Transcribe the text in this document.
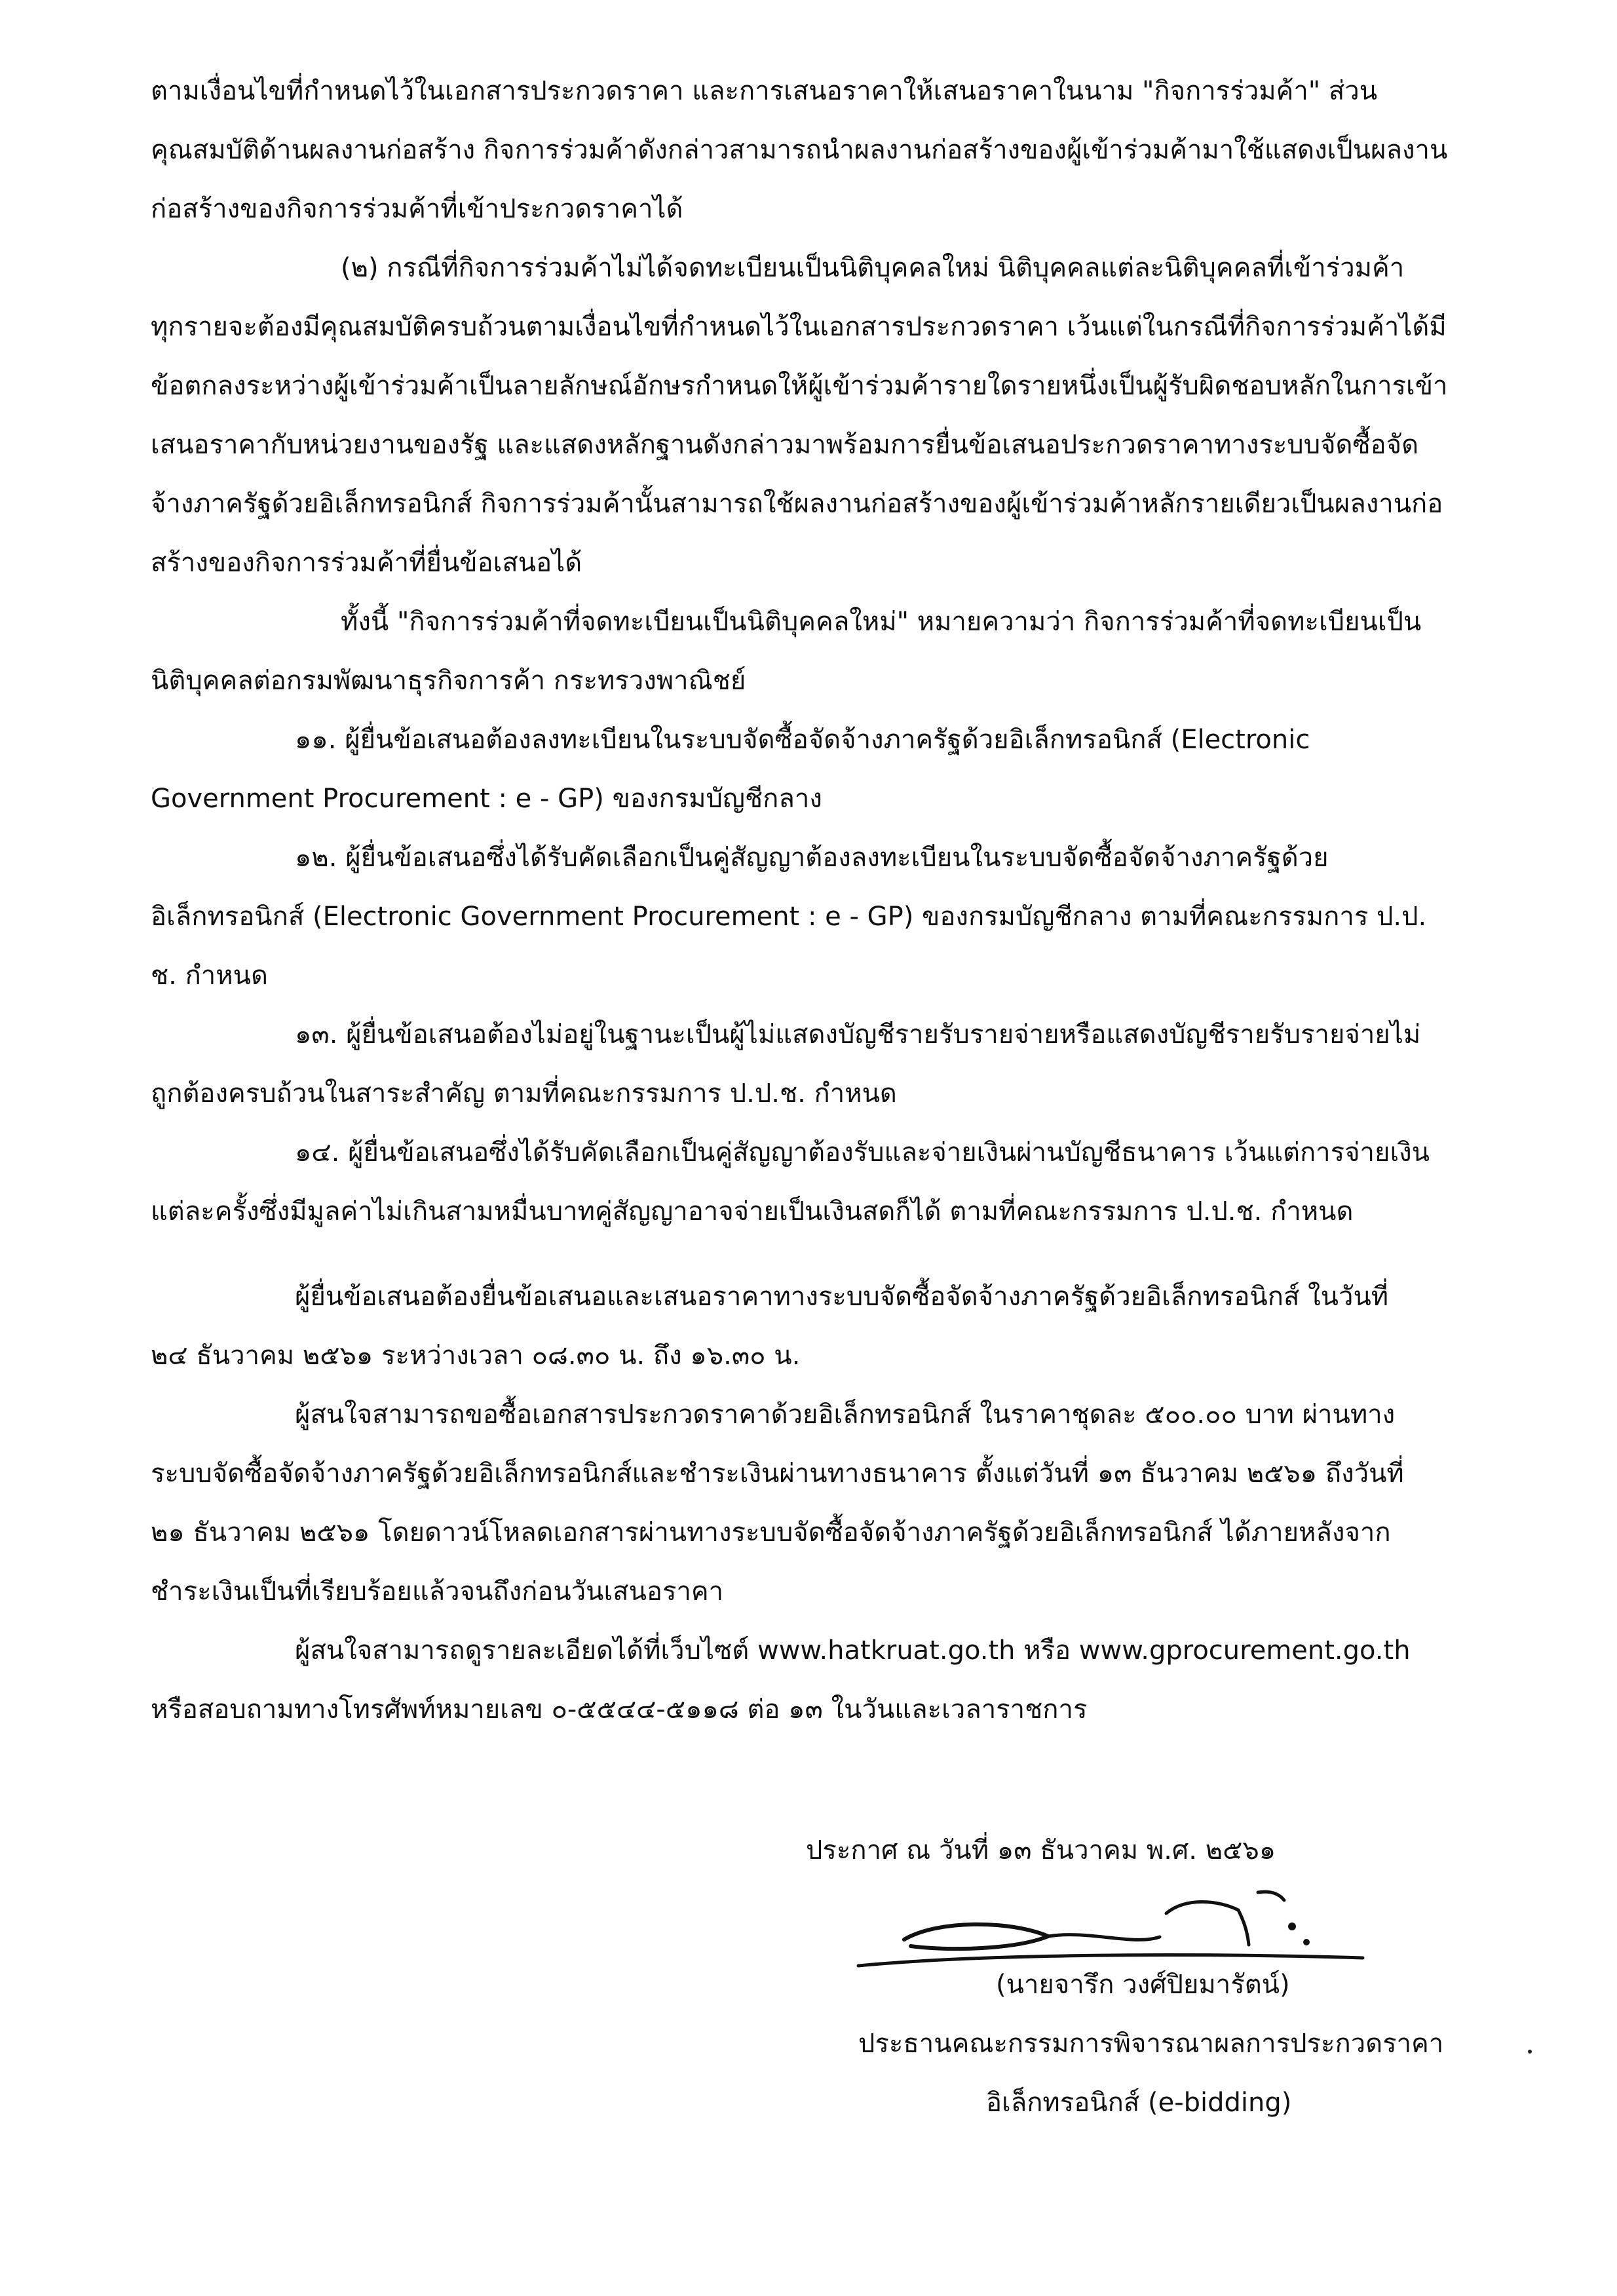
ตามเงื่อนไขที่กำหนดไว้ในเอกสารประกวดราคา และการเสนอราคาให้เสนอราคาในนาม "กิจการร่วมค้า" ส่วน
คุณสมบัติด้านผลงานก่อสร้าง กิจการร่วมค้าดังกล่าวสามารถนำผลงานก่อสร้างของผู้เข้าร่วมค้ามาใช้แสดงเป็นผลงาน
ก่อสร้างของกิจการร่วมค้าที่เข้าประกวดราคาได้
(๒) กรณีที่กิจการร่วมค้าไม่ได้จดทะเบียนเป็นนิติบุคคลใหม่ นิติบุคคลแต่ละนิติบุคคลที่เข้าร่วมค้า
ทุกรายจะต้องมีคุณสมบัติครบถ้วนตามเงื่อนไขที่กำหนดไว้ในเอกสารประกวดราคา เว้นแต่ในกรณีที่กิจการร่วมค้าได้มี
ข้อตกลงระหว่างผู้เข้าร่วมค้าเป็นลายลักษณ์อักษรกำหนดให้ผู้เข้าร่วมค้ารายใดรายหนึ่งเป็นผู้รับผิดชอบหลักในการเข้า
เสนอราคากับหน่วยงานของรัฐ และแสดงหลักฐานดังกล่าวมาพร้อมการยื่นข้อเสนอประกวดราคาทางระบบจัดซื้อจัด
จ้างภาครัฐด้วยอิเล็กทรอนิกส์ กิจการร่วมค้านั้นสามารถใช้ผลงานก่อสร้างของผู้เข้าร่วมค้าหลักรายเดียวเป็นผลงานก่อ
สร้างของกิจการร่วมค้าที่ยื่นข้อเสนอได้
ทั้งนี้ "กิจการร่วมค้าที่จดทะเบียนเป็นนิติบุคคลใหม่" หมายความว่า กิจการร่วมค้าที่จดทะเบียนเป็น
นิติบุคคลต่อกรมพัฒนาธุรกิจการค้า กระทรวงพาณิชย์
๑๑. ผู้ยื่นข้อเสนอต้องลงทะเบียนในระบบจัดซื้อจัดจ้างภาครัฐด้วยอิเล็กทรอนิกส์ (Electronic
Government Procurement : e - GP) ของกรมบัญชีกลาง
๑๒. ผู้ยื่นข้อเสนอซึ่งได้รับคัดเลือกเป็นคู่สัญญาต้องลงทะเบียนในระบบจัดซื้อจัดจ้างภาครัฐด้วย
อิเล็กทรอนิกส์ (Electronic Government Procurement : e - GP) ของกรมบัญชีกลาง ตามที่คณะกรรมการ ป.ป.
ช. กำหนด
๑๓. ผู้ยื่นข้อเสนอต้องไม่อยู่ในฐานะเป็นผู้ไม่แสดงบัญชีรายรับรายจ่ายหรือแสดงบัญชีรายรับรายจ่ายไม่
ถูกต้องครบถ้วนในสาระสำคัญ ตามที่คณะกรรมการ ป.ป.ช. กำหนด
๑๔. ผู้ยื่นข้อเสนอซึ่งได้รับคัดเลือกเป็นคู่สัญญาต้องรับและจ่ายเงินผ่านบัญชีธนาคาร เว้นแต่การจ่ายเงิน
แต่ละครั้งซึ่งมีมูลค่าไม่เกินสามหมื่นบาทคู่สัญญาอาจจ่ายเป็นเงินสดก็ได้ ตามที่คณะกรรมการ ป.ป.ช. กำหนด
ผู้ยื่นข้อเสนอต้องยื่นข้อเสนอและเสนอราคาทางระบบจัดซื้อจัดจ้างภาครัฐด้วยอิเล็กทรอนิกส์ ในวันที่
๒๔ ธันวาคม ๒๕๖๑ ระหว่างเวลา ๐๘.๓๐ น. ถึง ๑๖.๓๐ น.
ผู้สนใจสามารถขอซื้อเอกสารประกวดราคาด้วยอิเล็กทรอนิกส์ ในราคาชุดละ ๕๐๐.๐๐ บาท ผ่านทาง
ระบบจัดซื้อจัดจ้างภาครัฐด้วยอิเล็กทรอนิกส์และชำระเงินผ่านทางธนาคาร ตั้งแต่วันที่ ๑๓ ธันวาคม ๒๕๖๑ ถึงวันที่
๒๑ ธันวาคม ๒๕๖๑ โดยดาวน์โหลดเอกสารผ่านทางระบบจัดซื้อจัดจ้างภาครัฐด้วยอิเล็กทรอนิกส์ ได้ภายหลังจาก
ชำระเงินเป็นที่เรียบร้อยแล้วจนถึงก่อนวันเสนอราคา
ผู้สนใจสามารถดูรายละเอียดได้ที่เว็บไซต์ www.hatkruat.go.th หรือ www.gprocurement.go.th
หรือสอบถามทางโทรศัพท์หมายเลข ๐-๕๕๔๔-๕๑๑๘ ต่อ ๑๓ ในวันและเวลาราชการ
ประกาศ ณ วันที่ ๑๓ ธันวาคม พ.ศ. ๒๕๖๑
(นายจารึก วงศ์ปิยมารัตน์)
ประธานคณะกรรมการพิจารณาผลการประกวดราคา
อิเล็กทรอนิกส์ (e-bidding)
